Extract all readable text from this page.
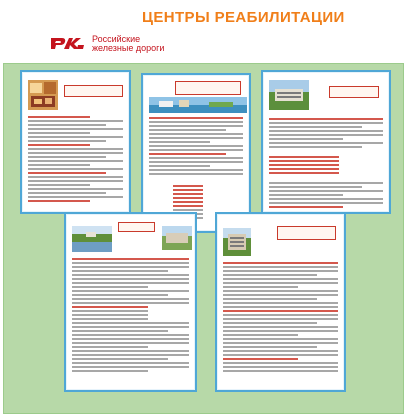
ЦЕНТРЫ РЕАБИЛИТАЦИИ
Российские
железные дороги
